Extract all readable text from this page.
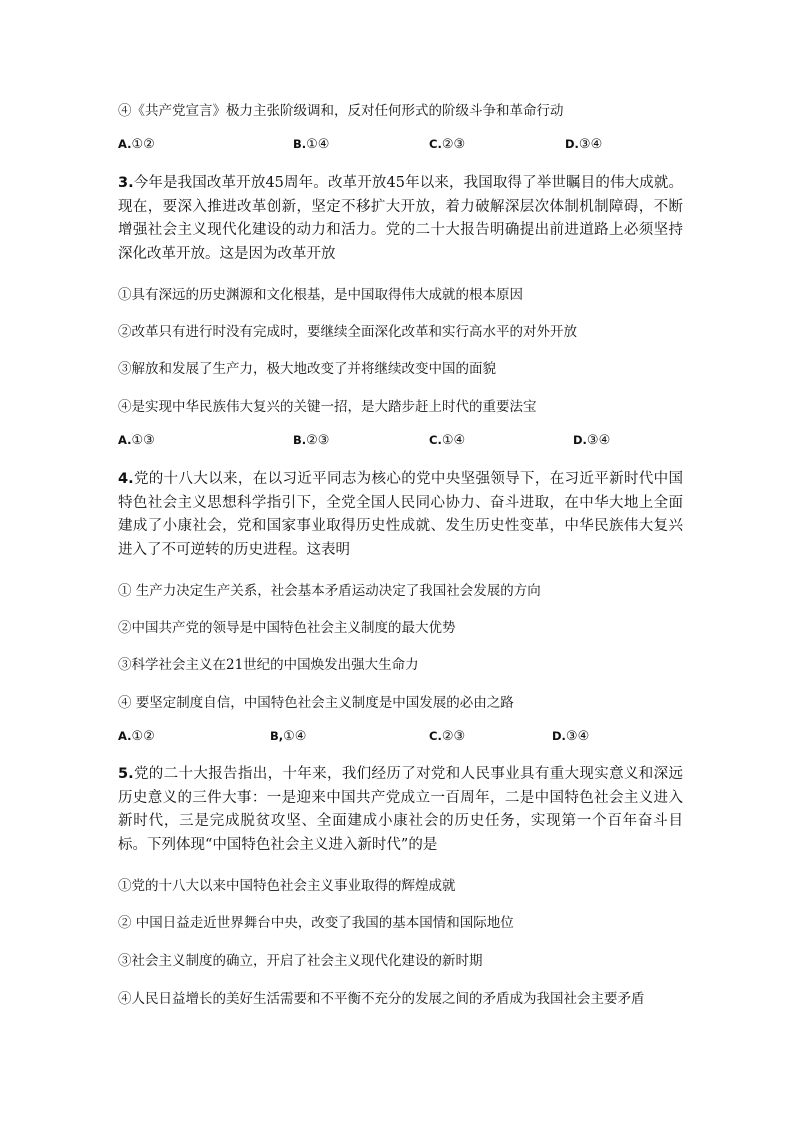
④《共产党宣言》极力主张阶级调和，反对任何形式的阶级斗争和革命行动
A.①②	B.①④	C.②③	D.③④
3.今年是我国改革开放45周年。改革开放45年以来，我国取得了举世瞩目的伟大成就。现在，要深入推进改革创新，坚定不移扩大开放，着力破解深层次体制机制障碍，不断增强社会主义现代化建设的动力和活力。党的二十大报告明确提出前进道路上必须坚持深化改革开放。这是因为改革开放
①具有深远的历史渊源和文化根基，是中国取得伟大成就的根本原因
②改革只有进行时没有完成时，要继续全面深化改革和实行高水平的对外开放
③解放和发展了生产力，极大地改变了并将继续改变中国的面貌
④是实现中华民族伟大复兴的关键一招，是大踏步赶上时代的重要法宝
A.①③	B.②③	C.①④	D.③④
4.党的十八大以来，在以习近平同志为核心的党中央坚强领导下，在习近平新时代中国特色社会主义思想科学指引下，全党全国人民同心协力、奋斗进取，在中华大地上全面建成了小康社会，党和国家事业取得历史性成就、发生历史性变革，中华民族伟大复兴进入了不可逆转的历史进程。这表明
① 生产力决定生产关系，社会基本矛盾运动决定了我国社会发展的方向
②中国共产党的领导是中国特色社会主义制度的最大优势
③科学社会主义在21世纪的中国焕发出强大生命力
④ 要坚定制度自信，中国特色社会主义制度是中国发展的必由之路
A.①②	B,①④	C.②③	D.③④
5.党的二十大报告指出，十年来，我们经历了对党和人民事业具有重大现实意义和深远历史意义的三件大事：一是迎来中国共产党成立一百周年，二是中国特色社会主义进入新时代，三是完成脱贫攻坚、全面建成小康社会的历史任务，实现第一个百年奋斗目标。下列体现“中国特色社会主义进入新时代”的是
①党的十八大以来中国特色社会主义事业取得的辉煌成就
② 中国日益走近世界舞台中央，改变了我国的基本国情和国际地位
③社会主义制度的确立，开启了社会主义现代化建设的新时期
④人民日益增长的美好生活需要和不平衡不充分的发展之间的矛盾成为我国社会主要矛盾
